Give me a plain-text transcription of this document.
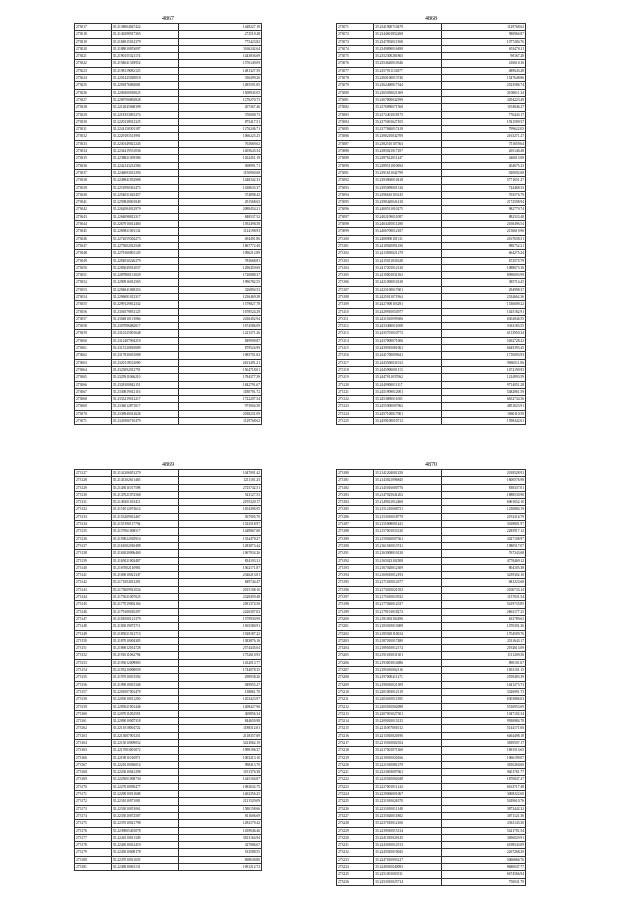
4867
273017	35.2138064047422	1448227.18
273018	35.2140298917365	272519.48
273019	35.2184815012379	775423.82
273020	35.2188010053097	1166242.64
273021	35.2190155321174	1443836.69
273022	35.2194041318952	1576149.09
273023	35.2198119082125	1481327.59
273024	35.2201425029018	356499.26
273025	35.2201876082681	1485591.85
273026	35.2206300918025	1508945.05
273027	35.2209706892828	1276270.75
273028	35.2212045068398	207367.46
273029	35.2218153091274	376008.73
273030	35.2220138912325	875417.51
273031	35.2224158301187	1276246.71
273032	35.2229183513991	1066225.25
273033	35.2230149021245	763669.62
273034	35.2234419531036	1405643.54
273035	35.2238821039586	1262451.19
273036	35.2242143212584	568991.71
273037	35.2246093013290	1150900.68
273038	35.2249841052988	1448342.33
273039	35.2251890361475	1438635.37
273040	35.2254031025457	374898.42
273041	35.2259828001849	291568.65
273042	35.2262084012979	2088454.21
273043	35.2264098812317	848537.52
273044	35.2267910012460	1592498.58
273045	35.2269821001132	1124198.93
273046	35.2272059304273	494491.86
273047	35.2275002012548	1867772.49
273048	35.2279160801129	1096212.89
273049	35.2282030226279	783668.81
273050	35.2285049012037	1296459.69
273051	35.2287800131029	1720088.37
273052	35.2290916012565	1996782.55
273053	35.2294041069254	326894.53
273054	35.2296081012317	1236469.38
273055	35.2299129812332	1579827.78
273056	35.2301079831125	1678524.29
273057	35.2304810113066	2430402.94
273058	35.2307096082017	1674586.09
273059	35.2310125001648	1221371.26
273060	35.2312407094219	849909.87
273061	35.2315120810689	879524.99
273062	35.2317830031088	1085701.82
273063	35.2320119012090	2613491.21
273064	35.2323092012791	1564718.01
273065	35.2325911066210	1784377.39
273066	35.2328100842151	1842791.67
273067	35.2330819012116	1180701.72
273068	35.2333219012217	1722207.54
273069	35.2336012871017	973904.58
273070	35.2338940012626	2038231.09
273071	35.2341900710479	1129768.62
4868
273071	35.2341900710479	1129768.62
273072	35.2344601852268	580966.87
273073	35.2347092011568	1077284.76
273074	35.2349890016490	653470.11
273075	35.2352300281865	90167.28
273076	35.2354620010346	416610.16
273077	35.2357911131877	489643.28
273078	35.2360100013740	1547648.86
273079	35.2362400817544	2523586.74
273080	35.2365050021369	2106011.34
273081	35.2367800042599	3294223.49
273082	35.2370090071568	1194846.27
273083	35.2372401018175	776443.17
273084	35.2375001627105	1921509.57
273085	35.2377840017418	799622.05
273086	35.2380210042709	2163271.27
273087	35.2382510107563	751659.64
273088	35.2385021017297	265146.48
273089	35.2387612011247	446013.08
273090	35.2389511010694	404675.23
273091	35.2391611042799	920692.68
273092	35.2393800010418	5771651.27
273093	35.2395009001316	724468.33
273094	35.2396610103145	765576.79
273095	35.2398420041410	2172598.94
273096	35.2400511010275	982779.74
273097	35.2402109011087	882523.48
273098	35.2404410011290	2160496.54
273099	35.2406700012187	2156619.96
273100	35.2408900101311	2167658.31
273101	35.2410920091256	980752.21
273102	35.2413050021279	664275.24
273103	35.2415011031628	672575.79
273104	35.2417201012120	1088673.16
273105	35.2419001031163	6990093.99
273106	35.2421000010128	385714.45
273107	35.2423100017601	294998.37
273108	35.2425011071964	2334662.36
273109	35.2427000103291	1536009.22
273110	35.2429910054977	1025182.91
273111	35.2431010099306	6302846.55
273112	35.2433400011008	5361183.55
273113	35.2435701010772	6113950.34
273114	35.2437800071006	5262728.22
273115	35.2439910081061	6645393.45
273116	35.2441700009641	1710093.93
273117	35.2443500031012	9066511.06
273118	35.2445900001113	1672199.93
273119	35.2447911037062	1214993.59
273120	35.2449900011117	9714051.28
273121	35.2451909012001	5482861.59
273122	35.2453800011001	6652734.56
273123	35.2455900007062	4851023.91
273124	35.2457100017001	1060110.59
273125	35.2459100010712	1598442.61
4869
273127	35.2141206051279	1047091.42
273128	35.2143102611465	1211101.25
273129	35.2145011017598	2725742.51
273130	35.2147021072568	543127.53
273131	35.2149201015411	2195320.17
273132	35.2151012074612	1654396.95
273133	35.2153209012467	567905.70
273134	35.2155190117794	1522518.97
273135	35.2157061008517	1448867.68
273136	35.2159022018914	1334479.27
273137	35.2161002010498	1283873.44
273138	35.2163020006460	1067934.26
273139	35.2165021002487	834103.31
273140	35.2167002110981	1562171.87
273141	35.2169010021347	2346213.81
273142	35.2171004013291	849744.47
273143	35.2173009921034	2015108.16
273144	35.2175021007025	2328459.48
273145	35.2177019002164	2581374.56
273146	35.2179100010297	2226307.02
273147	35.2181000121379	1579930.99
273148	35.2183019073711	1565380.91
273149	35.2185021012713	1928187.22
273150	35.2187010004385	1383876.16
273151	35.2189012014728	2574445.04
273152	35.2191011062794	1752610.93
273153	35.2193012009883	1432013.77
273154	35.2195210008059	1744078.35
273155	35.2197010031592	298938.20
273156	35.2199010031346	949955.27
273157	35.2201007001479	138861.70
273158	35.2203010011250	1203423.97
273159	35.2205021001446	1408427.90
273160	35.2207011002591	369856.34
273161	35.2209010007318	844650.98
273162	35.2211010004722	1188312.81
273163	35.2213007001251	2118357.69
273164	35.2215010009052	3223062.19
273165	35.2217003001072	1098196.37
273166	35.2219011016971	1003213.10
273167	35.2221010036012	998413.70
273168	35.2223010041298	1191376.38
273169	35.2225001008730	1445104.87
273170	35.2227010050477	1083632.75
273171	35.2229010011608	1462356.25
273172	35.2231010071081	2121529.09
273173	35.2233010051061	1580158.66
273174	35.2235010072507	811606.69
273175	35.2237010021798	1284179.42
273176	35.2239005401078	1459046.46
273177	35.2241010011349	3813164.94
273178	35.2243010012419	327086.67
273179	35.2245010008178	533588.55
273180	35.2247010011035	698638.80
273181	35.2249010061131	1091212.72
4870
273180	35.2141204001250	2018528.91
273181	35.2143021096845	1600576.98
273182	35.2145016000776	838337.01
273183	35.2147025041202	1888530.90
273184	35.2149021012469	6061652.10
273185	35.2151210008721	1230884.19
273186	35.2153010018779	2192316.79
273187	35.2155008091441	3018801.97
273188	35.2157001033120	2285917.12
273189	35.2159020007361	3027108.97
273190	35.2161010013741	1980517.07
273191	35.2163008010128	767343.68
273192	35.2165023102308	4778469.12
273193	35.2167020012309	804105.38
273194	35.2169010012193	3239302.10
273195	35.2171010014377	681223.68
273196	35.2173010021052	2106733.14
273197	35.2175010010532	1137031.54
273198	35.2177020012337	5419735.85
273199	35.2179101018272	2663177.25
273200	35.2181002102496	633789.63
273201	35.2183019013008	1070301.36
273202	35.2185020110024	1704509.76
273203	35.2187010017480	2511643.17
273204	35.2189010012174	2192613.09
273205	35.2191010031301	1111209.56
273206	35.2193001014086	890101.67
273207	35.2195010002116	1653101.15
273208	35.2197000411271	2559483.39
273209	35.2199010021509	1641273.73
273210	35.2201003012119	3326991.73
273211	35.2203010011585	6303886.63
273212	35.2205010002098	5516953.69
273213	35.2207001027301	1047102.34
273214	35.2209010013125	9930884.78
273215	35.2211007001012	5144171.00
273216	35.2213010020190	6464498.18
273217	35.2215010002352	3839507.17
273218	35.2217001071360	1691513.65
273219	35.2219010020166	1066199.07
273220	35.2221010081279	3810260.60
273221	35.2223003007661	9401761.77
273222	35.2225010002048	1870847.47
273223	35.2227001011144	6163717.48
273224	35.2229006001067	3068322.60
273225	35.2231010026570	5439610.76
273226	35.2233010011148	3873442.32
273227	35.2235020011802	3071121.36
273228	35.2237010012106	2361143.30
273229	35.2239010015134	5421701.54
273230	35.2241010029145	3496029.91
273231	35.2243010012513	6198543.09
273232	35.2245010019045	2267268.29
273233	35.2247010093127	5066866.76
273234	35.2249010040093	8680047.77
273235	35.2251001003511	6674566.94
273236	35.2253010025714	750041.79
